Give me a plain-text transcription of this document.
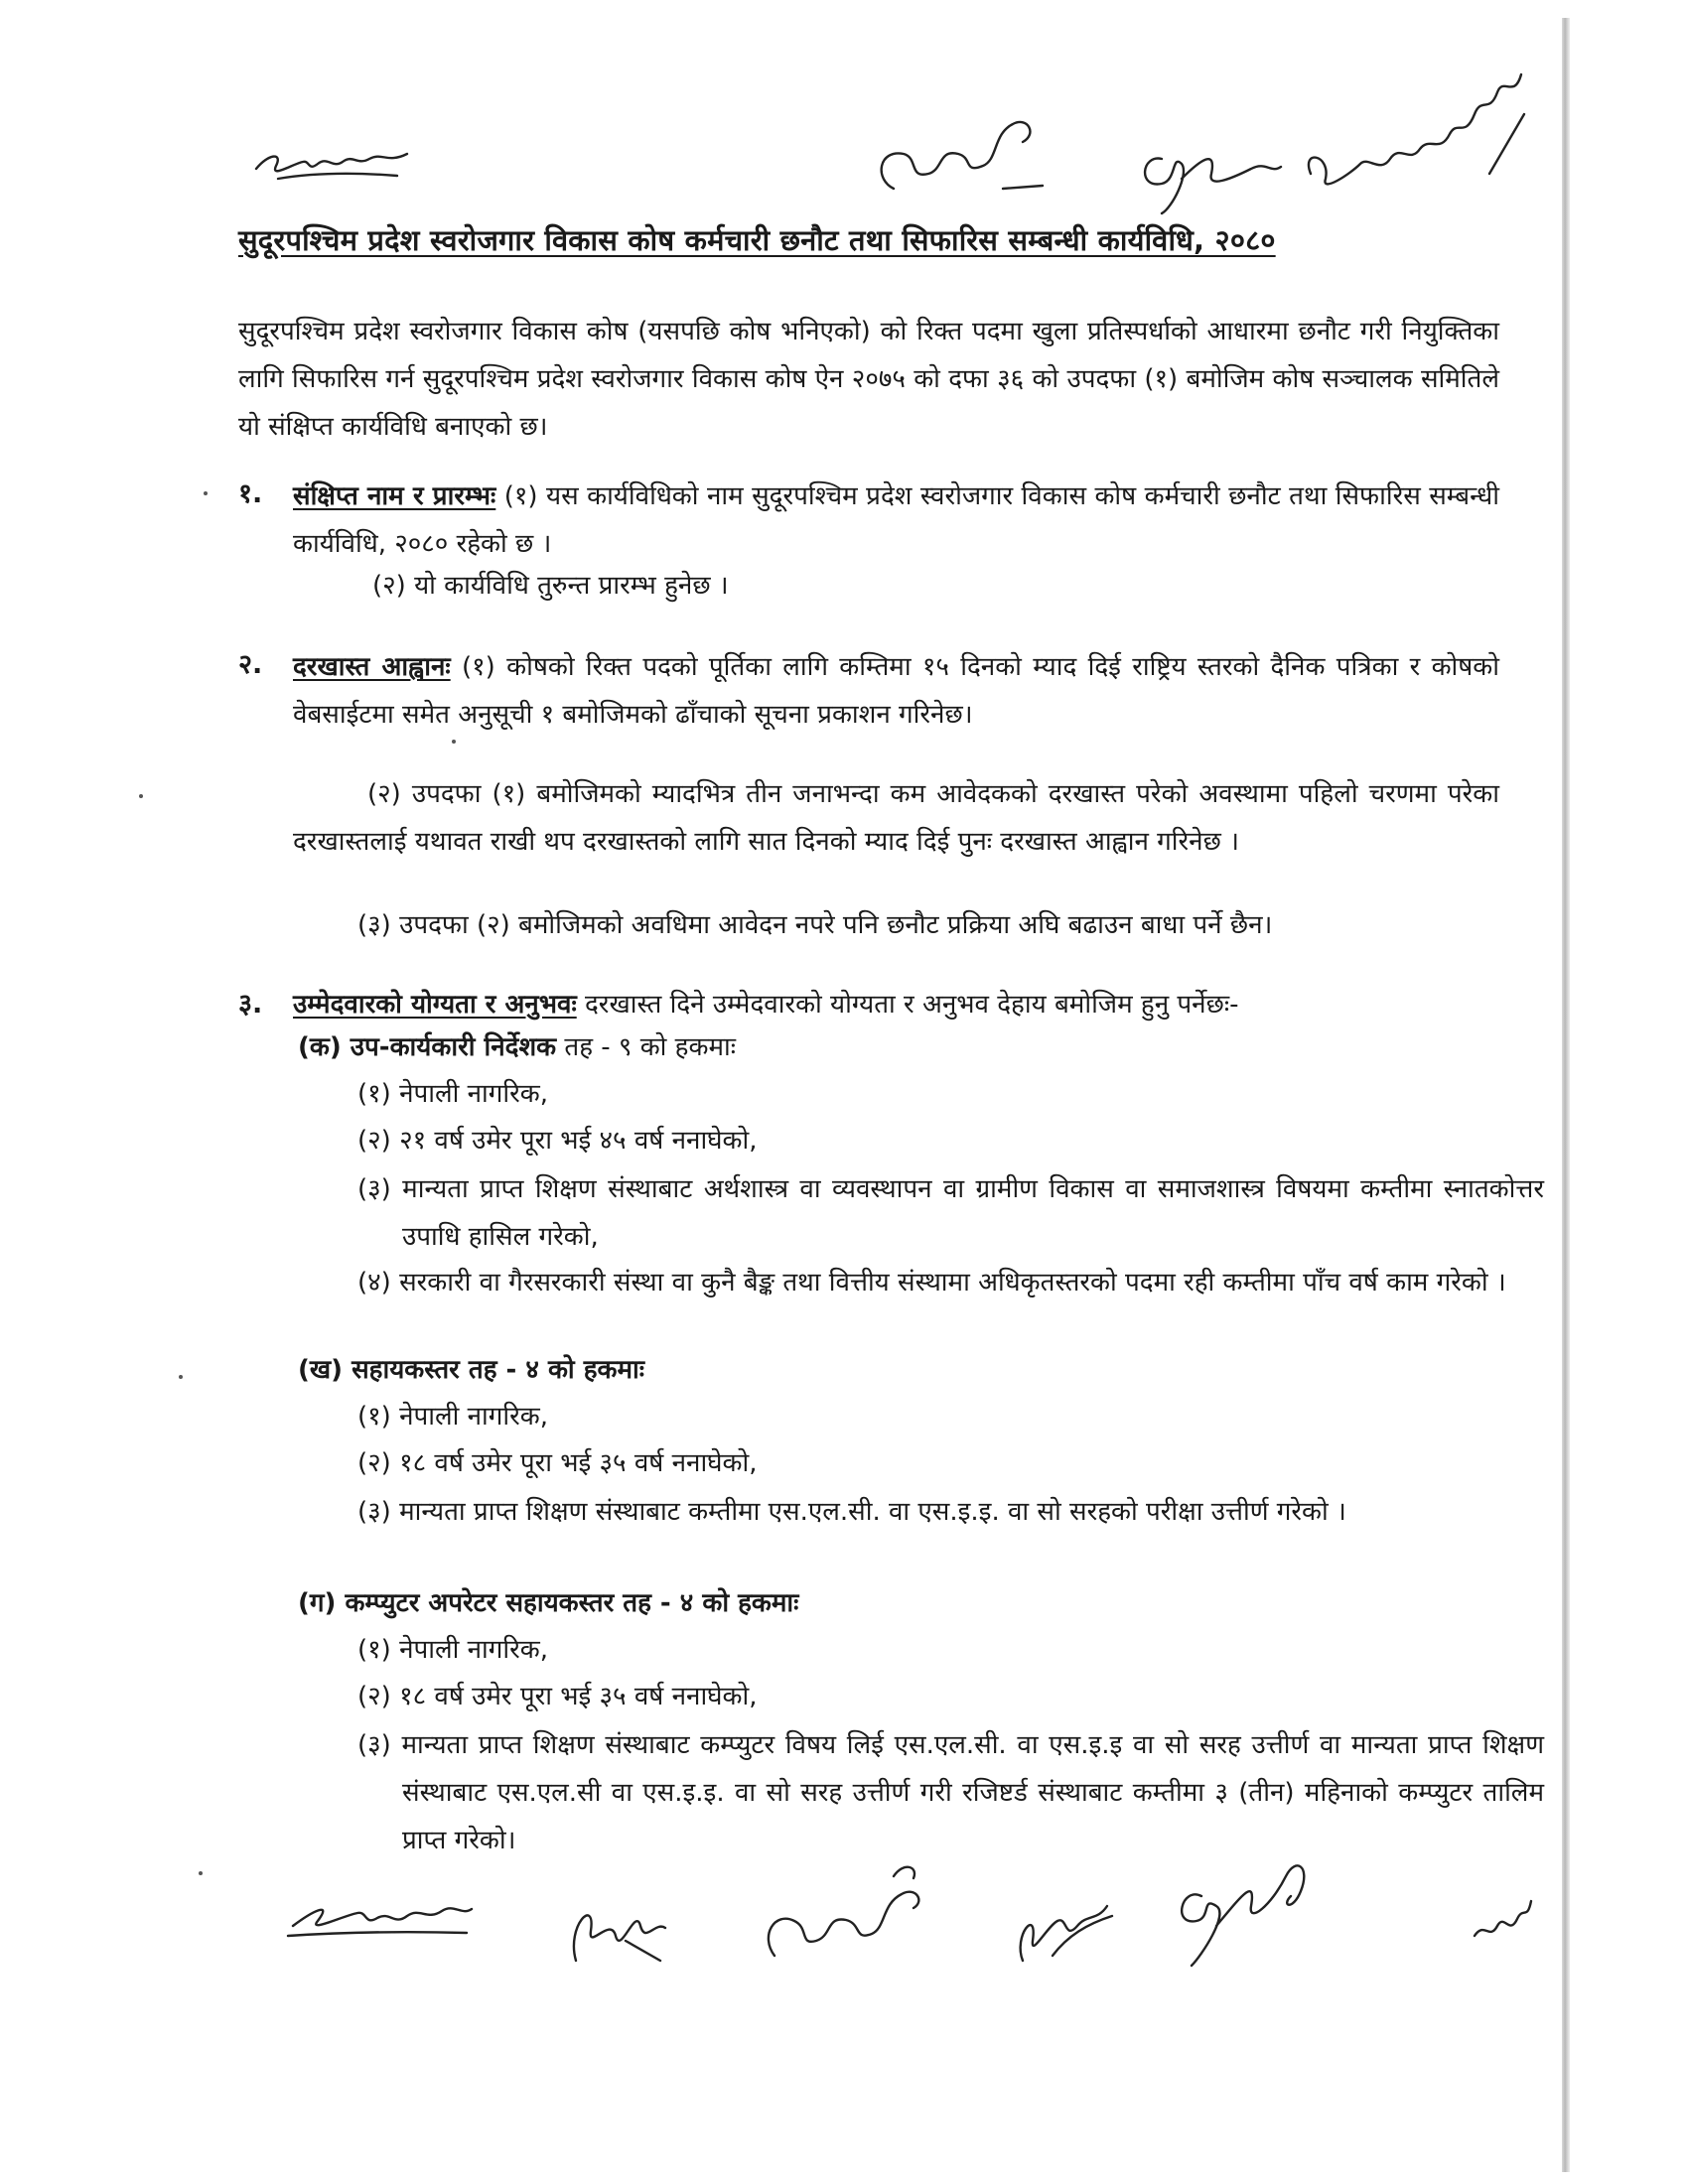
सुदूरपश्चिम प्रदेश स्वरोजगार विकास कोष कर्मचारी छनौट तथा सिफारिस सम्बन्धी कार्यविधि, २०८०
सुदूरपश्चिम प्रदेश स्वरोजगार विकास कोष (यसपछि कोष भनिएको) को रिक्त पदमा खुला प्रतिस्पर्धाको आधारमा छनौट गरी नियुक्तिका लागि सिफारिस गर्न सुदूरपश्चिम प्रदेश स्वरोजगार विकास कोष ऐन २०७५ को दफा ३६ को उपदफा (१) बमोजिम कोष सञ्चालक समितिले यो संक्षिप्त कार्यविधि बनाएको छ।
१. संक्षिप्त नाम र प्रारम्भः (१) यस कार्यविधिको नाम सुदूरपश्चिम प्रदेश स्वरोजगार विकास कोष कर्मचारी छनौट तथा सिफारिस सम्बन्धी कार्यविधि, २०८० रहेको छ ।
(२) यो कार्यविधि तुरुन्त प्रारम्भ हुनेछ ।
२. दरखास्त आह्वानः (१) कोषको रिक्त पदको पूर्तिका लागि कम्तिमा १५ दिनको म्याद दिई राष्ट्रिय स्तरको दैनिक पत्रिका र कोषको वेबसाईटमा समेत अनुसूची १ बमोजिमको ढाँचाको सूचना प्रकाशन गरिनेछ।
(२) उपदफा (१) बमोजिमको म्यादभित्र तीन जनाभन्दा कम आवेदकको दरखास्त परेको अवस्थामा पहिलो चरणमा परेका दरखास्तलाई यथावत राखी थप दरखास्तको लागि सात दिनको म्याद दिई पुनः दरखास्त आह्वान गरिनेछ ।
(३) उपदफा (२) बमोजिमको अवधिमा आवेदन नपरे पनि छनौट प्रक्रिया अघि बढाउन बाधा पर्ने छैन।
३. उम्मेदवारको योग्यता र अनुभवः दरखास्त दिने उम्मेदवारको योग्यता र अनुभव देहाय बमोजिम हुनु पर्नेछः-
(क) उप-कार्यकारी निर्देशक तह - ९ को हकमाः
(१) नेपाली नागरिक,
(२) २१ वर्ष उमेर पूरा भई ४५ वर्ष ननाघेको,
(३) मान्यता प्राप्त शिक्षण संस्थाबाट अर्थशास्त्र वा व्यवस्थापन वा ग्रामीण विकास वा समाजशास्त्र विषयमा कम्तीमा स्नातकोत्तर उपाधि हासिल गरेको,
(४) सरकारी वा गैरसरकारी संस्था वा कुनै बैङ्क तथा वित्तीय संस्थामा अधिकृतस्तरको पदमा रही कम्तीमा पाँच वर्ष काम गरेको ।
(ख) सहायकस्तर तह - ४ को हकमाः
(१) नेपाली नागरिक,
(२) १८ वर्ष उमेर पूरा भई ३५ वर्ष ननाघेको,
(३) मान्यता प्राप्त शिक्षण संस्थाबाट कम्तीमा एस.एल.सी. वा एस.इ.इ. वा सो सरहको परीक्षा उत्तीर्ण गरेको ।
(ग) कम्प्युटर अपरेटर सहायकस्तर तह - ४ को हकमाः
(१) नेपाली नागरिक,
(२) १८ वर्ष उमेर पूरा भई ३५ वर्ष ननाघेको,
(३) मान्यता प्राप्त शिक्षण संस्थाबाट कम्प्युटर विषय लिई एस.एल.सी. वा एस.इ.इ वा सो सरह उत्तीर्ण वा मान्यता प्राप्त शिक्षण संस्थाबाट एस.एल.सी वा एस.इ.इ. वा सो सरह उत्तीर्ण गरी रजिष्टर्ड संस्थाबाट कम्तीमा ३ (तीन) महिनाको कम्प्युटर तालिम प्राप्त गरेको।
